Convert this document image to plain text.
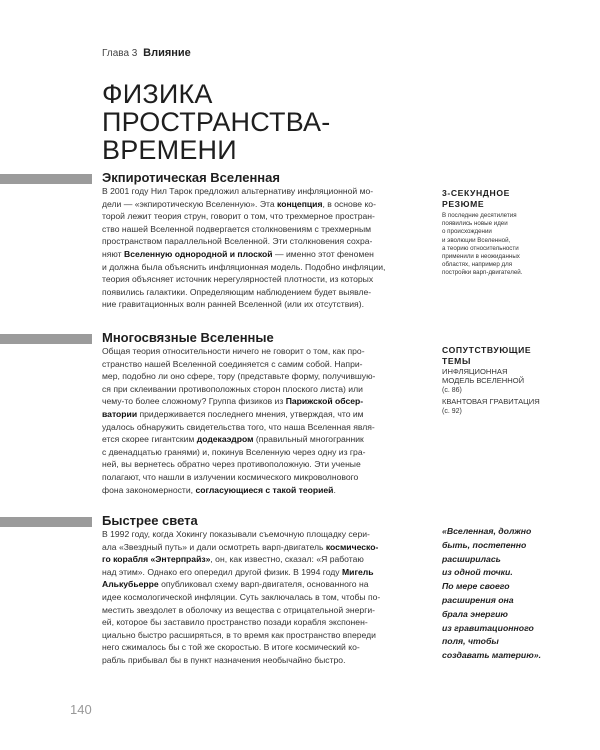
Глава 3 Влияние
ФИЗИКА
ПРОСТРАНСТВА-ВРЕМЕНИ
Экпиротическая Вселенная
В 2001 году Нил Тарок предложил альтернативу инфляционной мо-
дели — «экпиротическую Вселенную». Эта концепция, в основе ко-
торой лежит теория струн, говорит о том, что трехмерное простран-
ство нашей Вселенной подвергается столкновениям с трехмерным
пространством параллельной Вселенной. Эти столкновения сохра-
няют Вселенную однородной и плоской — именно этот феномен
и должна была объяснить инфляционная модель. Подобно инфляции,
теория объясняет источник нерегулярностей плотности, из которых
появились галактики. Определяющим наблюдением будет выявле-
ние гравитационных волн ранней Вселенной (или их отсутствия).
Многосвязные Вселенные
Общая теория относительности ничего не говорит о том, как про-
странство нашей Вселенной соединяется с самим собой. Напри-
мер, подобно ли оно сфере, тору (представьте форму, получившую-
ся при склеивании противоположных сторон плоского листа) или
чему-то более сложному? Группа физиков из Парижской обсер-
ватории придерживается последнего мнения, утверждая, что им
удалось обнаружить свидетельства того, что наша Вселенная явля-
ется скорее гигантским додекаэдром (правильный многогранник
с двенадцатью гранями) и, покинув Вселенную через одну из гра-
ней, вы вернетесь обратно через противоположную. Эти ученые
полагают, что нашли в излучении космического микроволнового
фона закономерности, согласующиеся с такой теорией.
Быстрее света
В 1992 году, когда Хокингу показывали съемочную площадку сери-
ала «Звездный путь» и дали осмотреть варп-двигатель космическо-
го корабля «Энтерпрайз», он, как известно, сказал: «Я работаю
над этим». Однако его опередил другой физик. В 1994 году Мигель
Алькубьерре опубликовал схему варп-двигателя, основанного на
идее космологической инфляции. Суть заключалась в том, чтобы по-
местить звездолет в оболочку из вещества с отрицательной энерги-
ей, которое бы заставило пространство позади корабля экспонен-
циально быстро расширяться, в то время как пространство впереди
него сжималось бы с той же скоростью. В итоге космический ко-
рабль прибывал бы в пункт назначения необычайно быстро.
3-СЕКУНДНОЕ
РЕЗЮМЕ
В последние десятилетия
появились новые идеи
о происхождении
и эволюции Вселенной,
а теорию относительности
применили в неожиданных
областях, например для
постройки варп-двигателей.
СОПУТСТВУЮЩИЕ
ТЕМЫ
ИНФЛЯЦИОННАЯ
МОДЕЛЬ ВСЕЛЕННОЙ
(с. 86)
КВАНТОВАЯ ГРАВИТАЦИЯ
(с. 92)

«Вселенная, должно
быть, постепенно
расширилась
из одной точки.
По мере своего
расширения она
брала энергию
из гравитационного
поля, чтобы
создавать материю».

140
